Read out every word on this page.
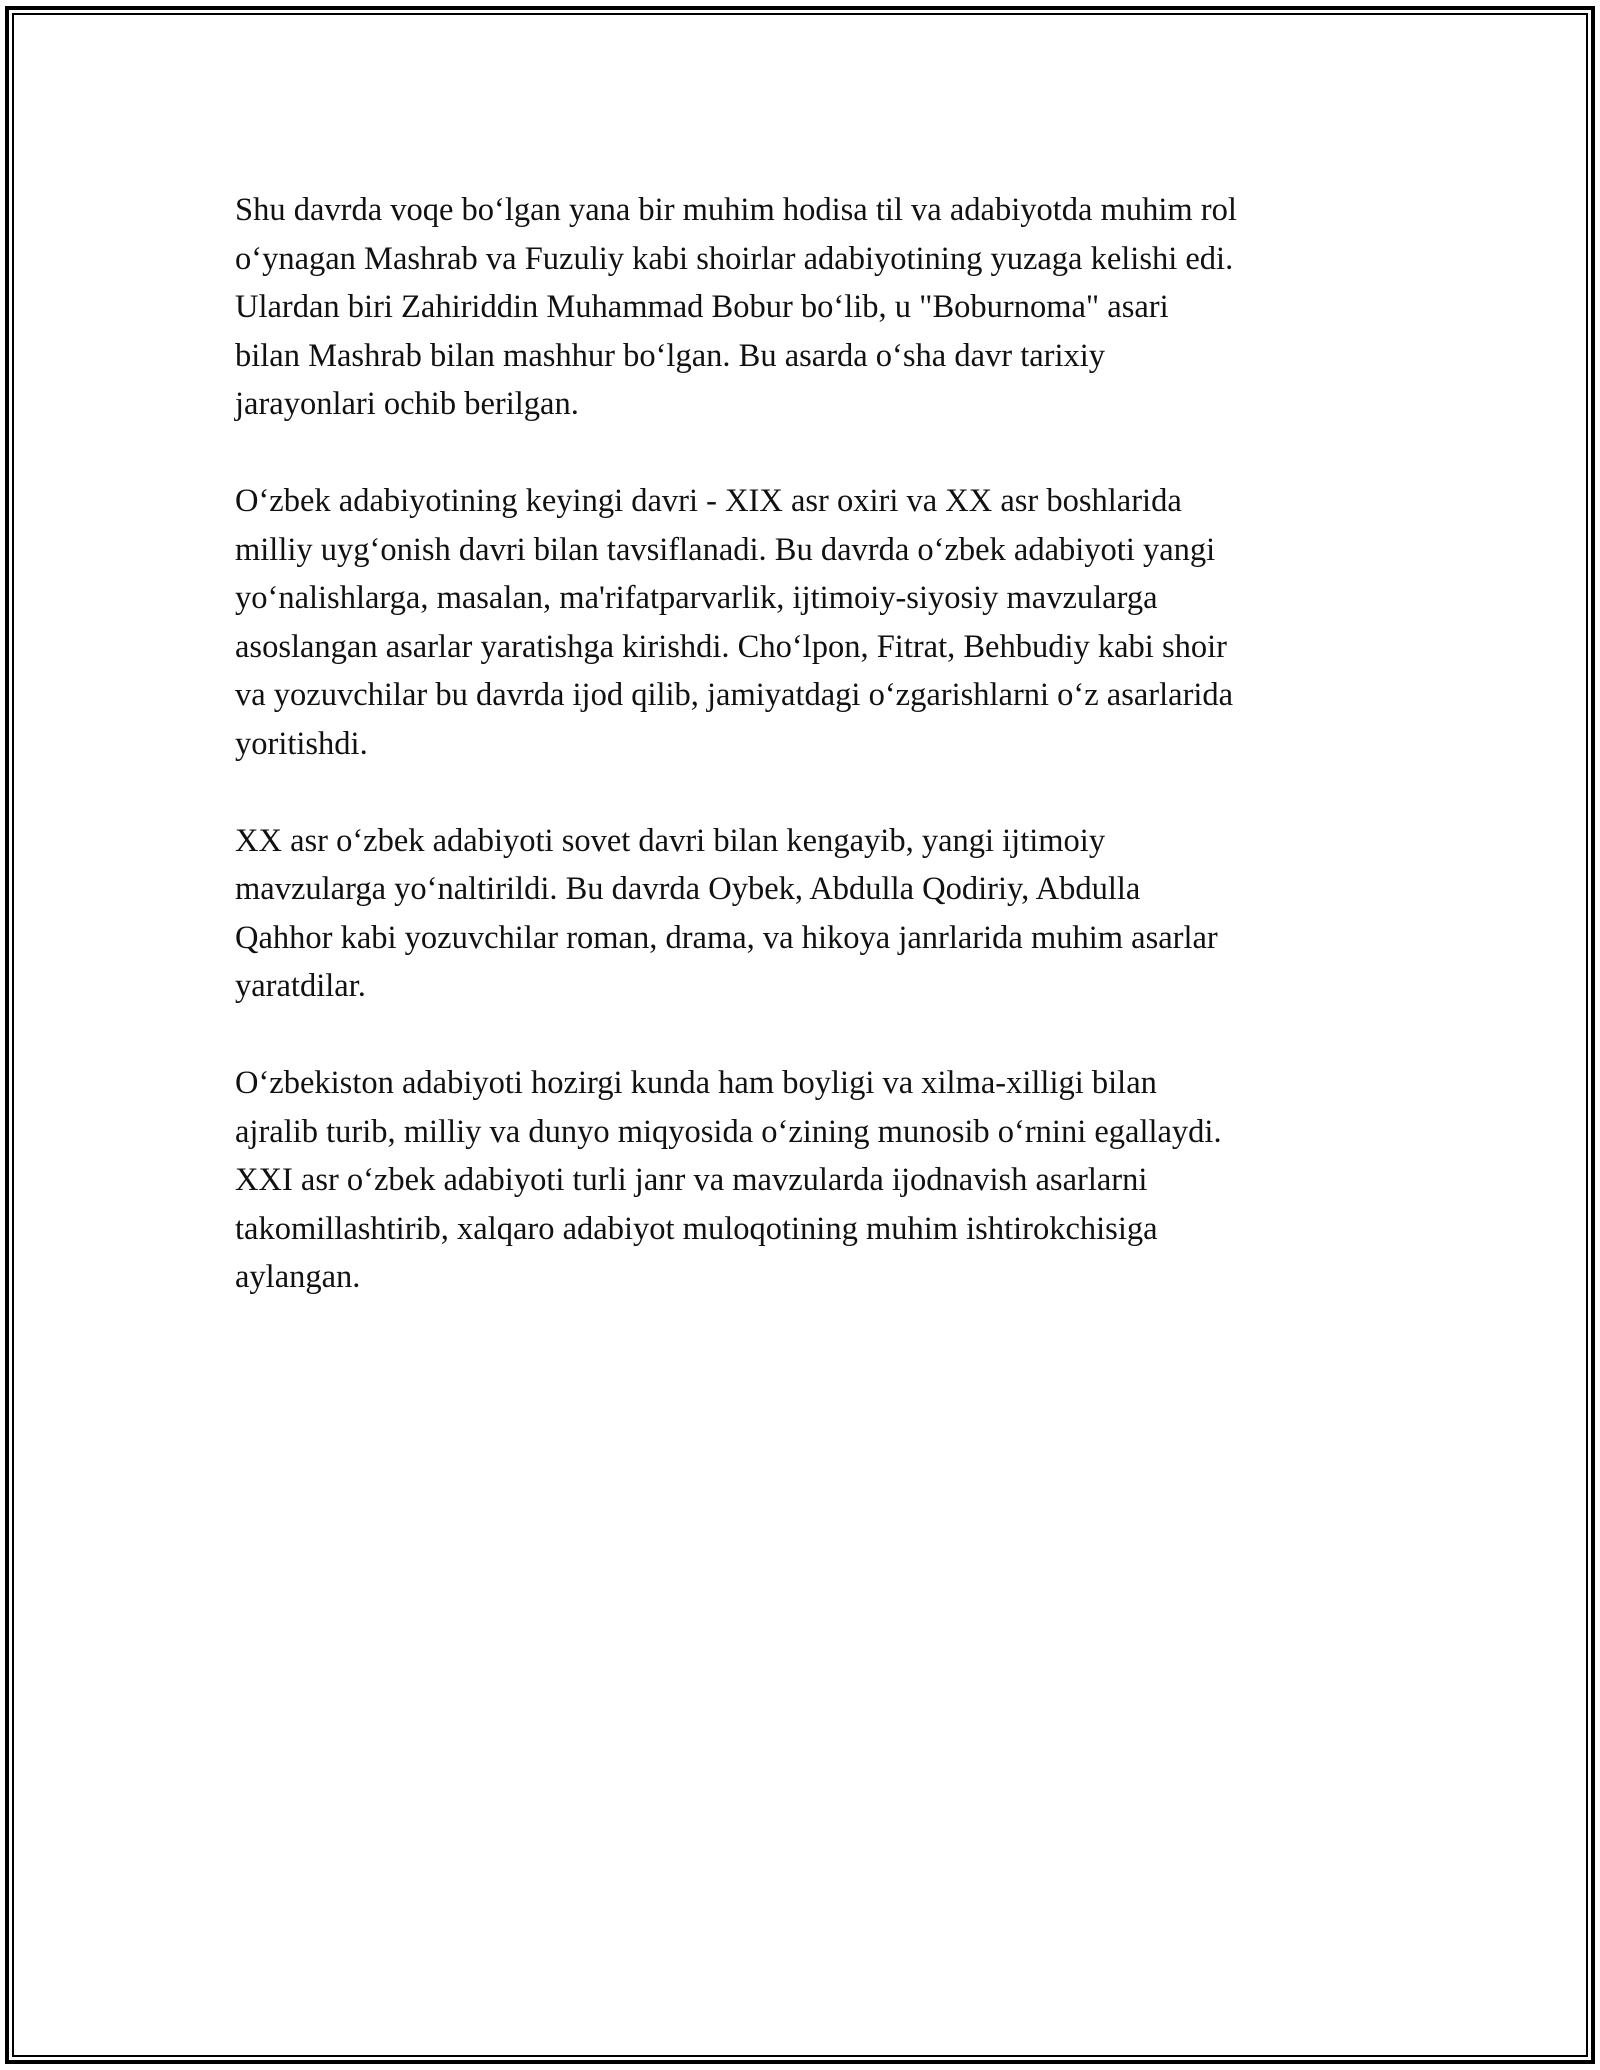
Shu davrda voqe bo‘lgan yana bir muhim hodisa til va adabiyotda muhim rol
o‘ynagan Mashrab va Fuzuliy kabi shoirlar adabiyotining yuzaga kelishi edi.
Ulardan biri Zahiriddin Muhammad Bobur bo‘lib, u "Boburnoma" asari
bilan Mashrab bilan mashhur bo‘lgan. Bu asarda o‘sha davr tarixiy
jarayonlari ochib berilgan.

O‘zbek adabiyotining keyingi davri - XIX asr oxiri va XX asr boshlarida
milliy uyg‘onish davri bilan tavsiflanadi. Bu davrda o‘zbek adabiyoti yangi
yo‘nalishlarga, masalan, ma'rifatparvarlik, ijtimoiy-siyosiy mavzularga
asoslangan asarlar yaratishga kirishdi. Cho‘lpon, Fitrat, Behbudiy kabi shoir
va yozuvchilar bu davrda ijod qilib, jamiyatdagi o‘zgarishlarni o‘z asarlarida
yoritishdi.

XX asr o‘zbek adabiyoti sovet davri bilan kengayib, yangi ijtimoiy
mavzularga yo‘naltirildi. Bu davrda Oybek, Abdulla Qodiriy, Abdulla
Qahhor kabi yozuvchilar roman, drama, va hikoya janrlarida muhim asarlar
yaratdilar.

O‘zbekiston adabiyoti hozirgi kunda ham boyligi va xilma-xilligi bilan
ajralib turib, milliy va dunyo miqyosida o‘zining munosib o‘rnini egallaydi.
XXI asr o‘zbek adabiyoti turli janr va mavzularda ijodnavish asarlarni
takomillashtirib, xalqaro adabiyot muloqotining muhim ishtirokchisiga
aylangan.
